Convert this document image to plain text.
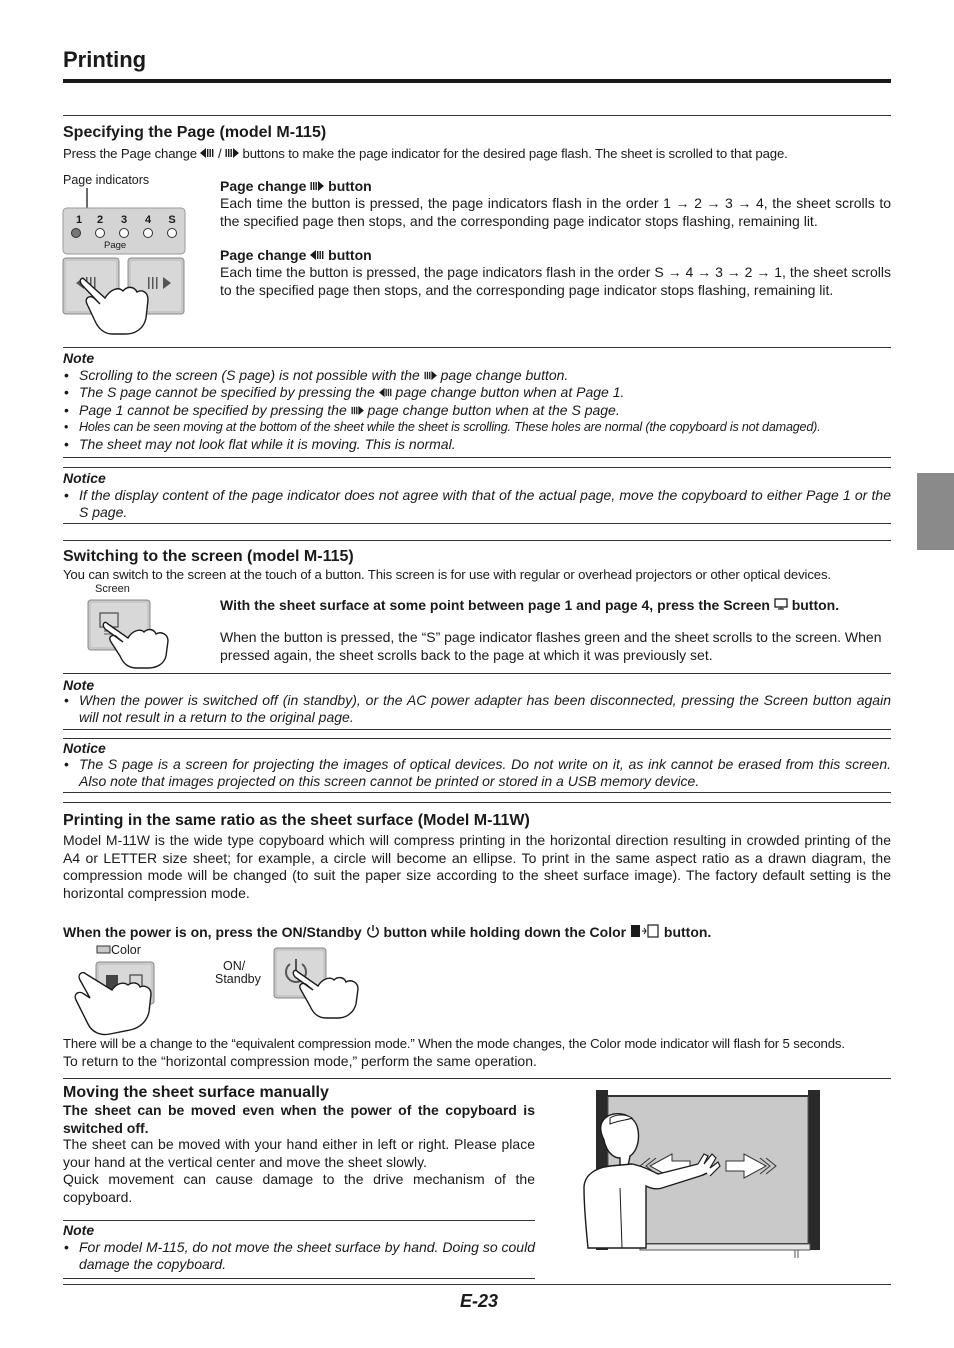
Printing
Specifying the Page (model M-115)
Press the Page change / buttons to make the page indicator for the desired page flash. The sheet is scrolled to that page.
Page indicators
1	2	3	4	S
Page
Page change button
Each time the button is pressed, the page indicators flash in the order 1 → 2 → 3 → 4, the sheet scrolls to the specified page then stops, and the corresponding page indicator stops flashing, remaining lit.
Page change button
Each time the button is pressed, the page indicators flash in the order S → 4 → 3 → 2 → 1, the sheet scrolls to the specified page then stops, and the corresponding page indicator stops flashing, remaining lit.
Note
• Scrolling to the screen (S page) is not possible with the page change button.
• The S page cannot be specified by pressing the page change button when at Page 1.
• Page 1 cannot be specified by pressing the page change button when at the S page.
• Holes can be seen moving at the bottom of the sheet while the sheet is scrolling. These holes are normal (the copyboard is not damaged).
• The sheet may not look flat while it is moving. This is normal.
Notice
• If the display content of the page indicator does not agree with that of the actual page, move the copyboard to either Page 1 or the S page.
Switching to the screen (model M-115)
You can switch to the screen at the touch of a button. This screen is for use with regular or overhead projectors or other optical devices.
Screen
With the sheet surface at some point between page 1 and page 4, press the Screen button.
When the button is pressed, the “S” page indicator flashes green and the sheet scrolls to the screen. When pressed again, the sheet scrolls back to the page at which it was previously set.
Note
• When the power is switched off (in standby), or the AC power adapter has been disconnected, pressing the Screen button again will not result in a return to the original page.
Notice
• The S page is a screen for projecting the images of optical devices. Do not write on it, as ink cannot be erased from this screen. Also note that images projected on this screen cannot be printed or stored in a USB memory device.
Printing in the same ratio as the sheet surface (Model M-11W)
Model M-11W is the wide type copyboard which will compress printing in the horizontal direction resulting in crowded printing of the A4 or LETTER size sheet; for example, a circle will become an ellipse. To print in the same aspect ratio as a drawn diagram, the compression mode will be changed (to suit the paper size according to the sheet surface image). The factory default setting is the horizontal compression mode.
When the power is on, press the ON/Standby button while holding down the Color	button.
Color
ON/
Standby
There will be a change to the “equivalent compression mode.” When the mode changes, the Color mode indicator will flash for 5 seconds.
To return to the “horizontal compression mode,” perform the same operation.
Moving the sheet surface manually
The sheet can be moved even when the power of the copyboard is switched off.
The sheet can be moved with your hand either in left or right. Please place your hand at the vertical center and move the sheet slowly.
Quick movement can cause damage to the drive mechanism of the copyboard.
Note
• For model M-115, do not move the sheet surface by hand. Doing so could damage the copyboard.
E-23
